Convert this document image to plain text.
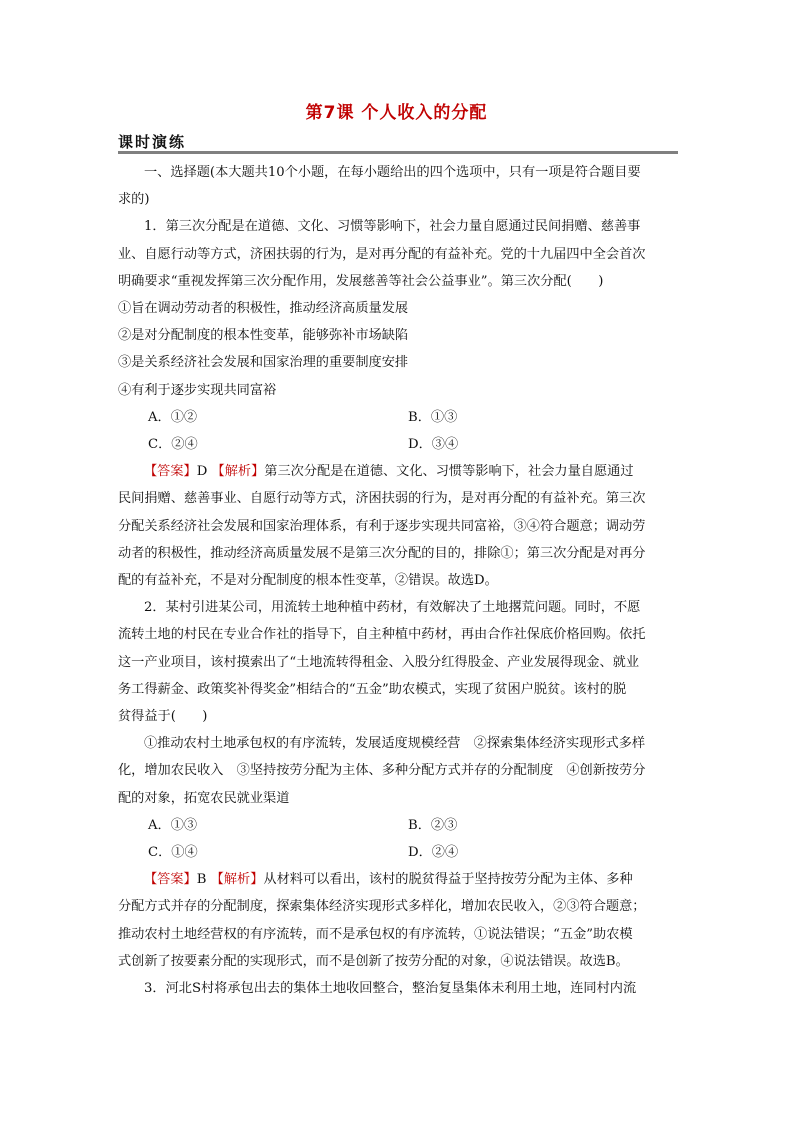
第7课 个人收入的分配
课时演练

一、选择题(本大题共10个小题，在每小题给出的四个选项中，只有一项是符合题目要

求的)

1．第三次分配是在道德、文化、习惯等影响下，社会力量自愿通过民间捐赠、慈善事

业、自愿行动等方式，济困扶弱的行为，是对再分配的有益补充。党的十九届四中全会首次

明确要求“重视发挥第三次分配作用，发展慈善等社会公益事业”。第三次分配(　　)

①旨在调动劳动者的积极性，推动经济高质量发展

②是对分配制度的根本性变革，能够弥补市场缺陷

③是关系经济社会发展和国家治理的重要制度安排

④有利于逐步实现共同富裕

A．①②	B．①③
C．②④	D．③④

【答案】D 【解析】第三次分配是在道德、文化、习惯等影响下，社会力量自愿通过

民间捐赠、慈善事业、自愿行动等方式，济困扶弱的行为，是对再分配的有益补充。第三次

分配关系经济社会发展和国家治理体系，有利于逐步实现共同富裕，③④符合题意；调动劳

动者的积极性，推动经济高质量发展不是第三次分配的目的，排除①；第三次分配是对再分

配的有益补充，不是对分配制度的根本性变革，②错误。故选D。

2．某村引进某公司，用流转土地种植中药材，有效解决了土地撂荒问题。同时，不愿

流转土地的村民在专业合作社的指导下，自主种植中药材，再由合作社保底价格回购。依托

这一产业项目，该村摸索出了“土地流转得租金、入股分红得股金、产业发展得现金、就业

务工得薪金、政策奖补得奖金”相结合的“五金”助农模式，实现了贫困户脱贫。该村的脱

贫得益于(　　)

①推动农村土地承包权的有序流转，发展适度规模经营　②探索集体经济实现形式多样

化，增加农民收入　③坚持按劳分配为主体、多种分配方式并存的分配制度　④创新按劳分

配的对象，拓宽农民就业渠道

A．①③	B．②③
C．①④	D．②④

【答案】B 【解析】从材料可以看出，该村的脱贫得益于坚持按劳分配为主体、多种

分配方式并存的分配制度，探索集体经济实现形式多样化，增加农民收入，②③符合题意；

推动农村土地经营权的有序流转，而不是承包权的有序流转，①说法错误；“五金”助农模

式创新了按要素分配的实现形式，而不是创新了按劳分配的对象，④说法错误。故选B。

3．河北S村将承包出去的集体土地收回整合，整治复垦集体未利用土地，连同村内流
